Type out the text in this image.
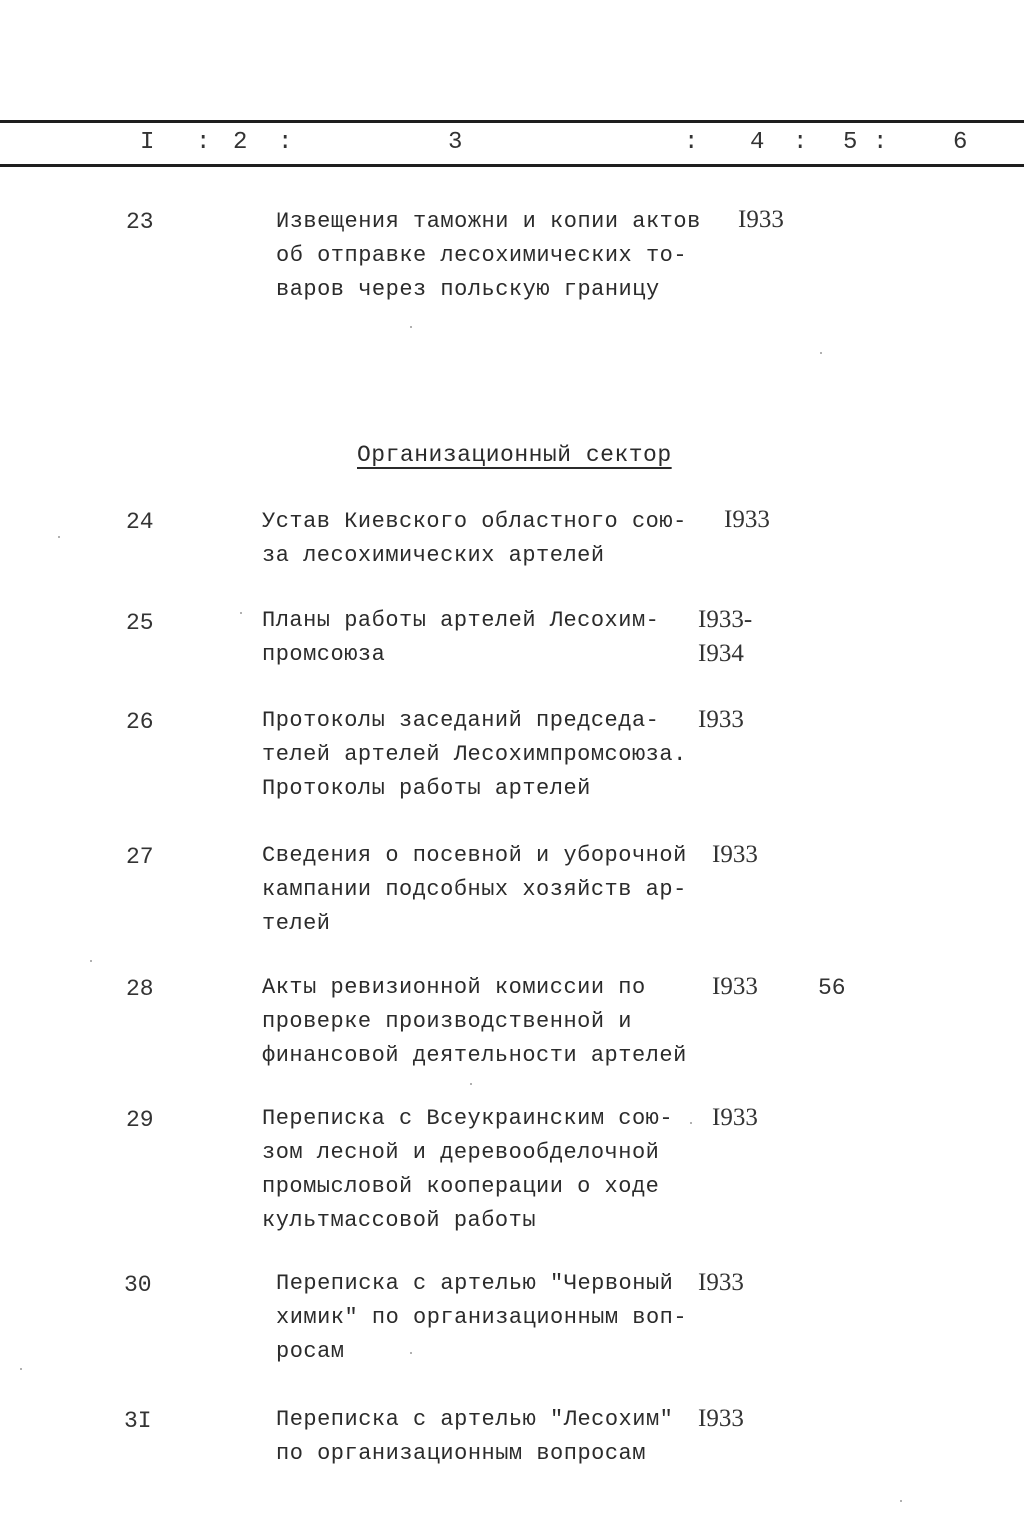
I : 2 :	3	: 4 : 5 :	6
23	Извещения таможни и копии актов
об отправке лесохимических то-
варов через польскую границу
I933
Организационный сектор
24	Устав Киевского областного сою-
за лесохимических артелей
I933
25	Планы работы артелей Лесохим-
промсоюза
I933-
I934
26	Протоколы заседаний председа-
телей артелей Лесохимпромсоюза.
Протоколы работы артелей
I933
27	Сведения о посевной и уборочной
кампании подсобных хозяйств ар-
телей
I933
28	Акты ревизионной комиссии по
проверке производственной и
финансовой деятельности артелей
I933	56
29	Переписка с Всеукраинским сою-
зом лесной и деревообделочной
промысловой кооперации о ходе
культмассовой работы
I933
30	Переписка с артелью "Червоный
химик" по организационным воп-
росам
I933
3I	Переписка с артелью "Лесохим"
по организационным вопросам
I933
